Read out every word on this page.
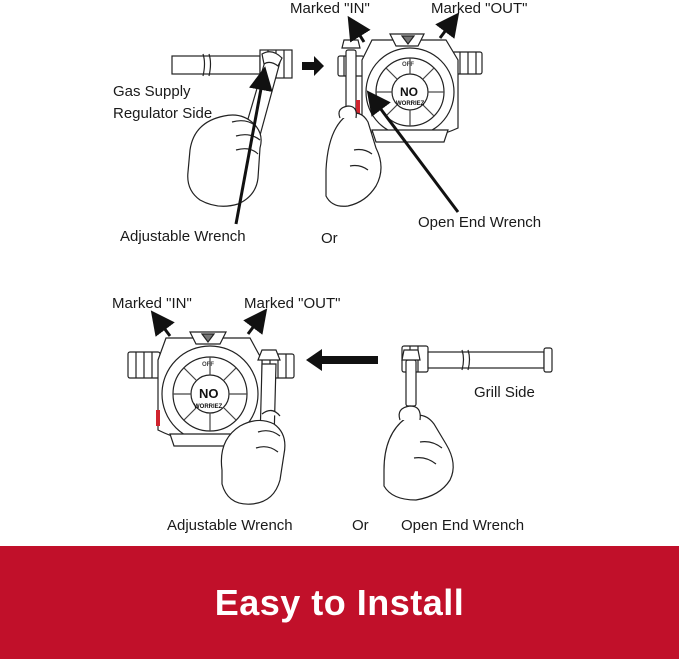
OFF
NO
WORRIEZ
OFF
NO
WORRIEZ
Marked "IN"	Marked "OUT"
Gas Supply
Regulator Side
Adjustable Wrench	Or
Open End Wrench
Marked "IN"	Marked "OUT"
Grill Side
Adjustable Wrench	Or Open End Wrench
Easy to Install
